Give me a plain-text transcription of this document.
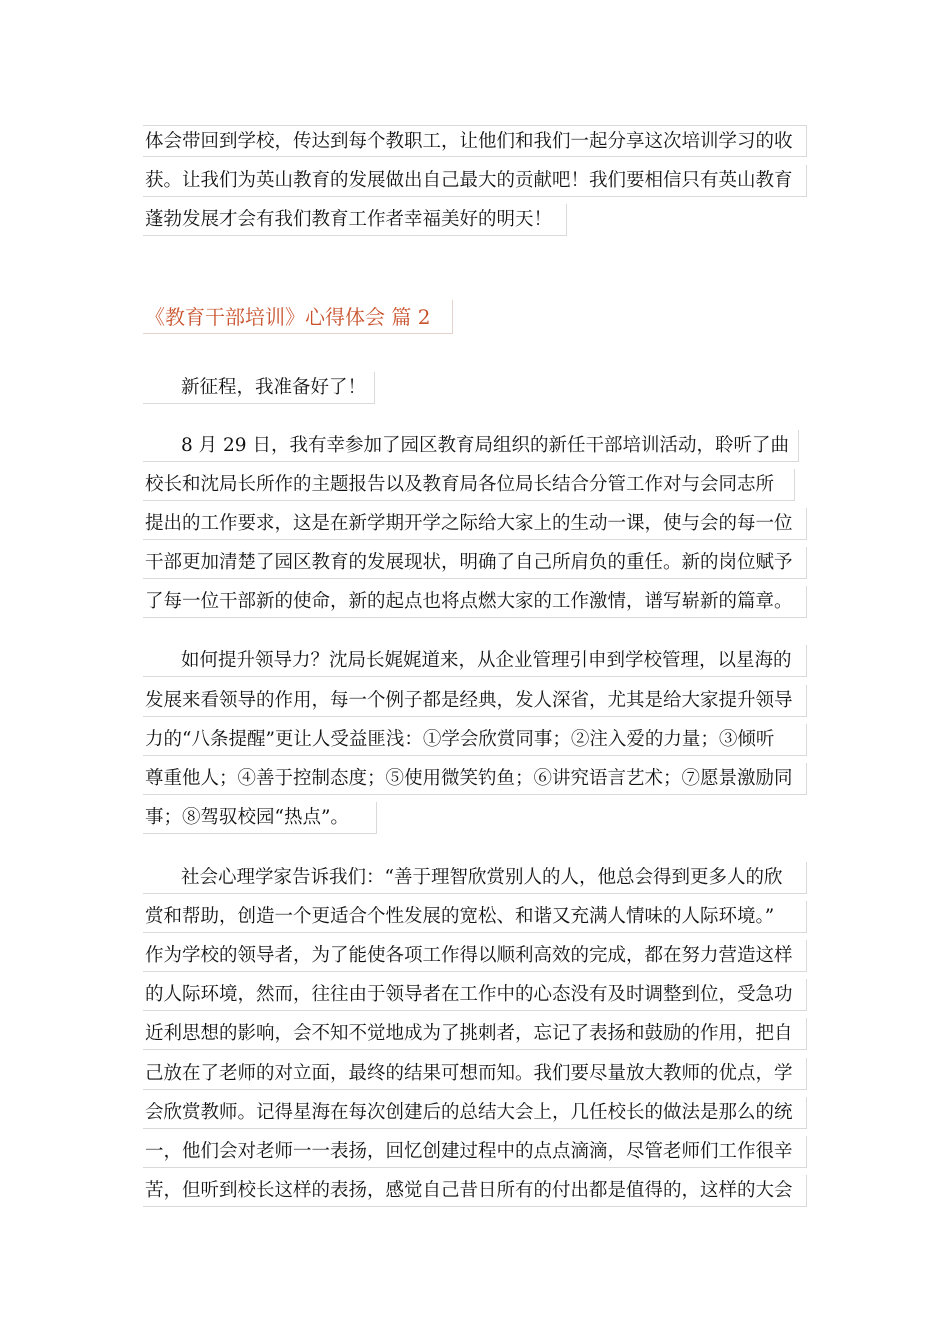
体会带回到学校，传达到每个教职工，让他们和我们一起分享这次培训学习的收
获。让我们为英山教育的发展做出自己最大的贡献吧！我们要相信只有英山教育
蓬勃发展才会有我们教育工作者幸福美好的明天！
《教育干部培训》心得体会 篇 2
新征程，我准备好了！
8 月 29 日，我有幸参加了园区教育局组织的新任干部培训活动，聆听了曲
校长和沈局长所作的主题报告以及教育局各位局长结合分管工作对与会同志所
提出的工作要求，这是在新学期开学之际给大家上的生动一课，使与会的每一位
干部更加清楚了园区教育的发展现状，明确了自己所肩负的重任。新的岗位赋予
了每一位干部新的使命，新的起点也将点燃大家的工作激情，谱写崭新的篇章。
如何提升领导力？沈局长娓娓道来，从企业管理引申到学校管理，以星海的
发展来看领导的作用，每一个例子都是经典，发人深省，尤其是给大家提升领导
力的“八条提醒”更让人受益匪浅：①学会欣赏同事；②注入爱的力量；③倾听
尊重他人；④善于控制态度；⑤使用微笑钓鱼；⑥讲究语言艺术；⑦愿景激励同
事；⑧驾驭校园“热点”。
社会心理学家告诉我们：“善于理智欣赏别人的人，他总会得到更多人的欣
赏和帮助，创造一个更适合个性发展的宽松、和谐又充满人情味的人际环境。”
作为学校的领导者，为了能使各项工作得以顺利高效的完成，都在努力营造这样
的人际环境，然而，往往由于领导者在工作中的心态没有及时调整到位，受急功
近利思想的影响，会不知不觉地成为了挑刺者，忘记了表扬和鼓励的作用，把自
己放在了老师的对立面，最终的结果可想而知。我们要尽量放大教师的优点，学
会欣赏教师。记得星海在每次创建后的总结大会上，几任校长的做法是那么的统
一，他们会对老师一一表扬，回忆创建过程中的点点滴滴，尽管老师们工作很辛
苦，但听到校长这样的表扬，感觉自己昔日所有的付出都是值得的，这样的大会
